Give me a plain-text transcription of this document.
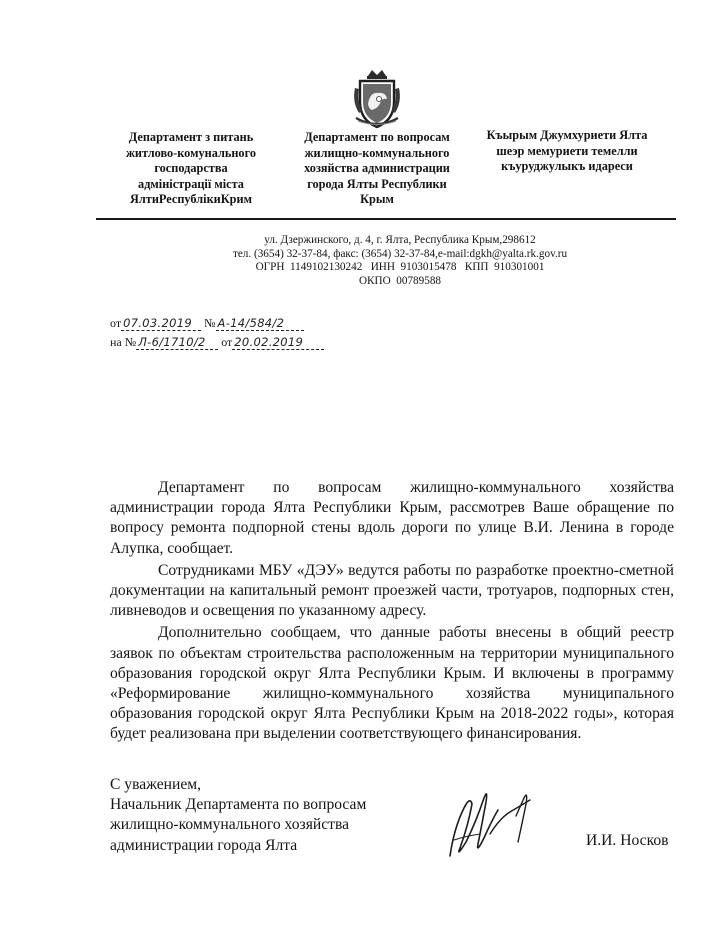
Департамент з питань
житлово-комунального
господарства
адміністрації міста
ЯлтиРеспублікиКрим
Департамент по вопросам
жилищно-коммунального
хозяйства администрации
города Ялты Республики
Крым
Къырым Джумхуриети Ялта
шеэр мемуриети темелли
къуруджулыкъ идареси
ул. Дзержинского, д. 4, г. Ялта, Республика Крым,298612
тел. (3654) 32-37-84, факс: (3654) 32-37-84,e-mail:dgkh@yalta.rk.gov.ru
ОГРН  1149102130242   ИНН  9103015478   КПП  910301001
ОКПО  00789588
от 07.03.2019 № А-14/584/2
на № Л-6/1710/2 от 20.02.2019

Департамент по вопросам жилищно-коммунального хозяйства администрации города Ялта Республики Крым, рассмотрев Ваше обращение по вопросу ремонта подпорной стены вдоль дороги по улице В.И. Ленина в городе Алупка, сообщает.

Сотрудниками МБУ «ДЭУ» ведутся работы по разработке проектно-сметной документации на капитальный ремонт проезжей части, тротуаров, подпорных стен, ливневодов и освещения по указанному адресу.

Дополнительно сообщаем, что данные работы внесены в общий реестр заявок по объектам строительства расположенным на территории муниципального образования городской округ Ялта Республики Крым. И включены в программу «Реформирование жилищно-коммунального хозяйства муниципального образования городской округ Ялта Республики Крым на 2018-2022 годы», которая будет реализована при выделении соответствующего финансирования.

С уважением,
Начальник Департамента по вопросам
жилищно-коммунального хозяйства
администрации города Ялта	И.И. Носков
